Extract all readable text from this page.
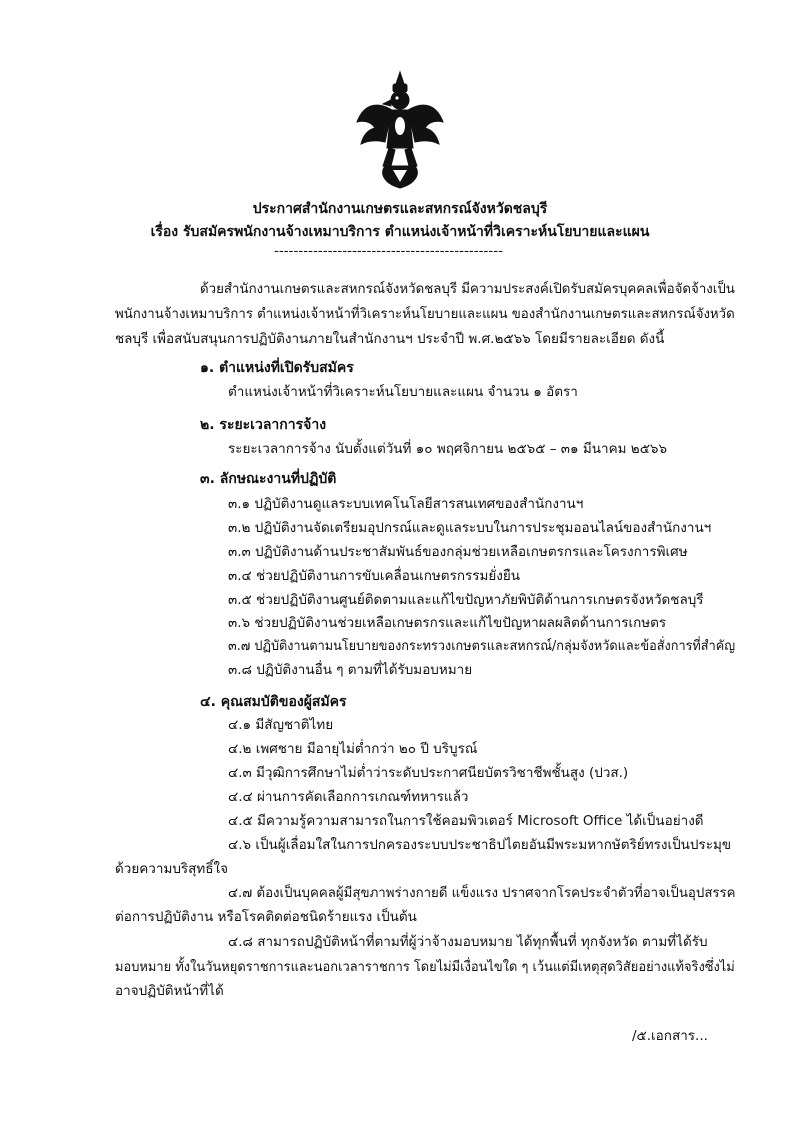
ประกาศสำนักงานเกษตรและสหกรณ์จังหวัดชลบุรี
เรื่อง รับสมัครพนักงานจ้างเหมาบริการ ตำแหน่งเจ้าหน้าที่วิเคราะห์นโยบายและแผน
-----------------------------------------------
ด้วยสำนักงานเกษตรและสหกรณ์จังหวัดชลบุรี มีความประสงค์เปิดรับสมัครบุคคลเพื่อจัดจ้างเป็น
พนักงานจ้างเหมาบริการ ตำแหน่งเจ้าหน้าที่วิเคราะห์นโยบายและแผน ของสำนักงานเกษตรและสหกรณ์จังหวัด
ชลบุรี เพื่อสนับสนุนการปฏิบัติงานภายในสำนักงานฯ ประจำปี พ.ศ.๒๕๖๖ โดยมีรายละเอียด ดังนี้
๑. ตำแหน่งที่เปิดรับสมัคร
ตำแหน่งเจ้าหน้าที่วิเคราะห์นโยบายและแผน จำนวน ๑ อัตรา
๒. ระยะเวลาการจ้าง
ระยะเวลาการจ้าง นับตั้งแต่วันที่ ๑๐ พฤศจิกายน ๒๕๖๕ – ๓๑ มีนาคม ๒๕๖๖
๓. ลักษณะงานที่ปฏิบัติ
๓.๑ ปฏิบัติงานดูแลระบบเทคโนโลยีสารสนเทศของสำนักงานฯ
๓.๒ ปฏิบัติงานจัดเตรียมอุปกรณ์และดูแลระบบในการประชุมออนไลน์ของสำนักงานฯ
๓.๓ ปฏิบัติงานด้านประชาสัมพันธ์ของกลุ่มช่วยเหลือเกษตรกรและโครงการพิเศษ
๓.๔ ช่วยปฏิบัติงานการขับเคลื่อนเกษตรกรรมยั่งยืน
๓.๕ ช่วยปฏิบัติงานศูนย์ติดตามและแก้ไขปัญหาภัยพิบัติด้านการเกษตรจังหวัดชลบุรี
๓.๖ ช่วยปฏิบัติงานช่วยเหลือเกษตรกรและแก้ไขปัญหาผลผลิตด้านการเกษตร
๓.๗ ปฏิบัติงานตามนโยบายของกระทรวงเกษตรและสหกรณ์/กลุ่มจังหวัดและข้อสั่งการที่สำคัญ
๓.๘ ปฏิบัติงานอื่น ๆ ตามที่ได้รับมอบหมาย
๔. คุณสมบัติของผู้สมัคร
๔.๑ มีสัญชาติไทย
๔.๒ เพศชาย มีอายุไม่ต่ำกว่า ๒๐ ปี บริบูรณ์
๔.๓ มีวุฒิการศึกษาไม่ต่ำว่าระดับประกาศนียบัตรวิชาชีพชั้นสูง (ปวส.)
๔.๔ ผ่านการคัดเลือกการเกณฑ์ทหารแล้ว
๔.๕ มีความรู้ความสามารถในการใช้คอมพิวเตอร์ Microsoft Office ได้เป็นอย่างดี
๔.๖ เป็นผู้เลื่อมใสในการปกครองระบบประชาธิปไตยอันมีพระมหากษัตริย์ทรงเป็นประมุข
ด้วยความบริสุทธิ์ใจ
๔.๗ ต้องเป็นบุคคลผู้มีสุขภาพร่างกายดี แข็งแรง ปราศจากโรคประจำตัวที่อาจเป็นอุปสรรค
ต่อการปฏิบัติงาน หรือโรคติดต่อชนิดร้ายแรง เป็นต้น
๔.๘ สามารถปฏิบัติหน้าที่ตามที่ผู้ว่าจ้างมอบหมาย ได้ทุกพื้นที่ ทุกจังหวัด ตามที่ได้รับ
มอบหมาย ทั้งในวันหยุดราชการและนอกเวลาราชการ โดยไม่มีเงื่อนไขใด ๆ เว้นแต่มีเหตุสุดวิสัยอย่างแท้จริงซึ่งไม่
อาจปฏิบัติหน้าที่ได้
/๕.เอกสาร...
